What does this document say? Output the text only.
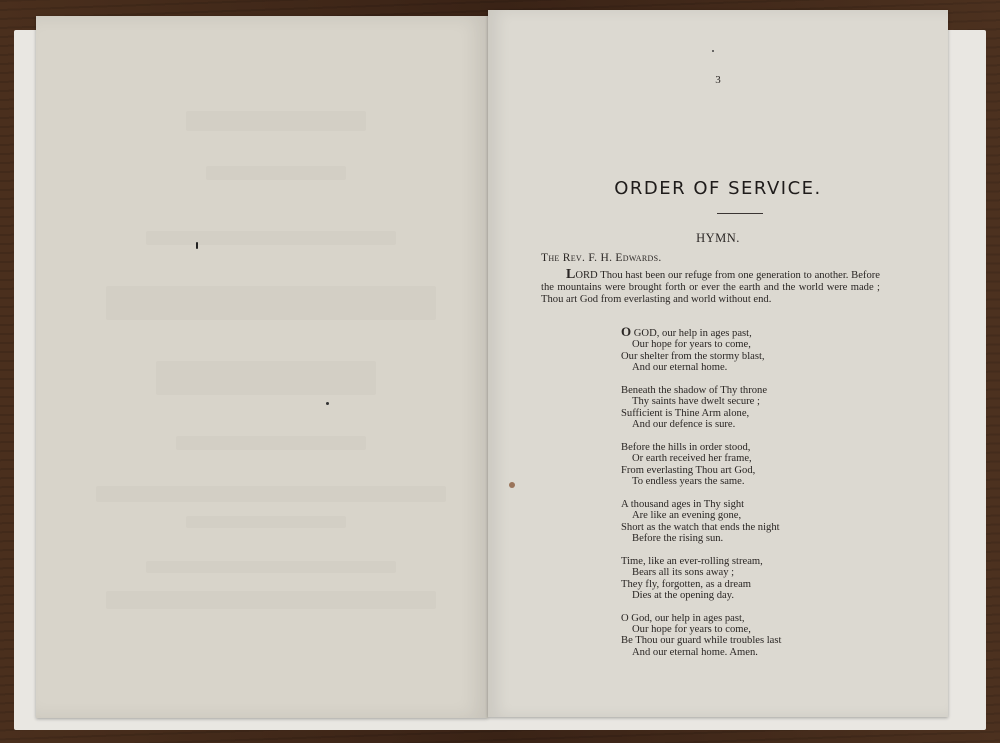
3
ORDER OF SERVICE.
HYMN.
The Rev. F. H. Edwards.
LORD Thou hast been our refuge from one generation to another. Before the mountains were brought forth or ever the earth and the world were made ; Thou art God from everlasting and world without end.
O GOD, our help in ages past,
Our hope for years to come,
Our shelter from the stormy blast,
And our eternal home.
Beneath the shadow of Thy throne
Thy saints have dwelt secure ;
Sufficient is Thine Arm alone,
And our defence is sure.
Before the hills in order stood,
Or earth received her frame,
From everlasting Thou art God,
To endless years the same.
A thousand ages in Thy sight
Are like an evening gone,
Short as the watch that ends the night
Before the rising sun.
Time, like an ever-rolling stream,
Bears all its sons away ;
They fly, forgotten, as a dream
Dies at the opening day.
O God, our help in ages past,
Our hope for years to come,
Be Thou our guard while troubles last
And our eternal home. Amen.
